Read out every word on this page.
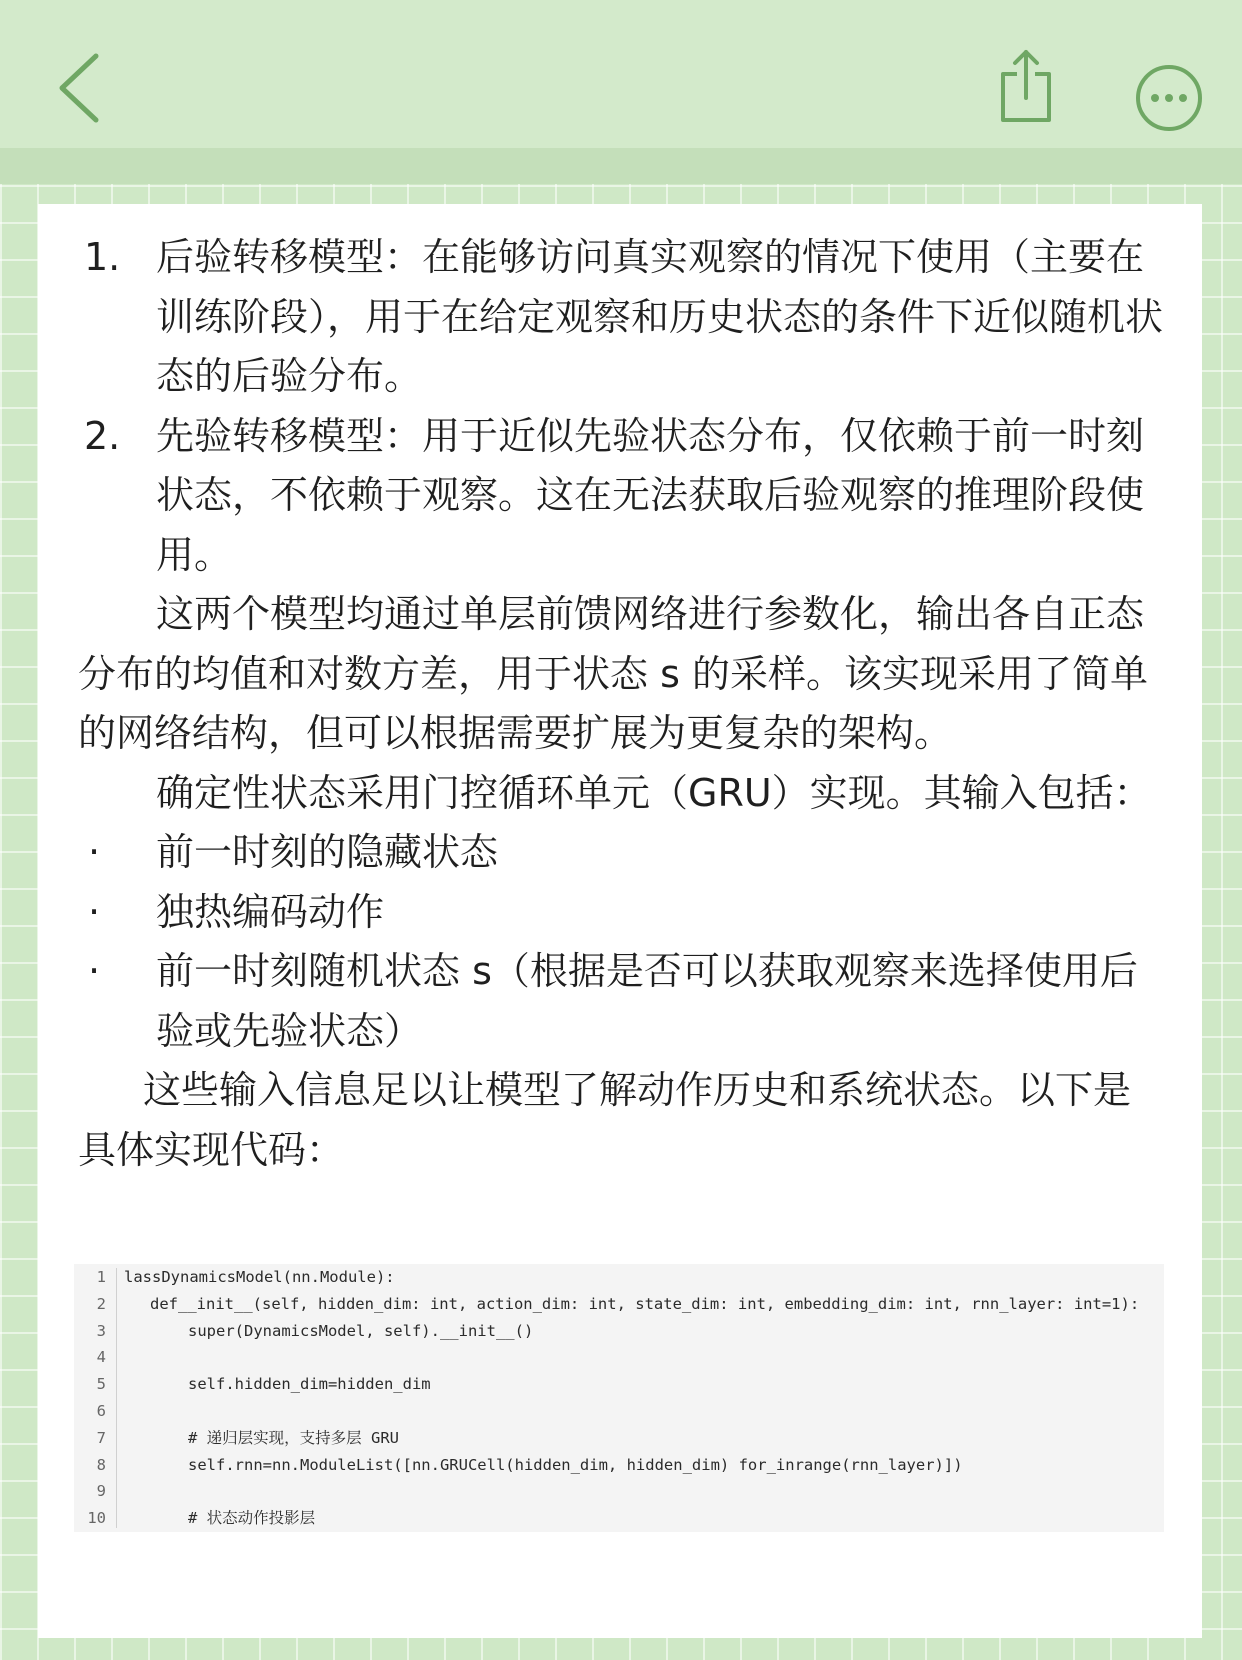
1. 后验转移模型：在能够访问真实观察的情况下使用（主要在训练阶段），用于在给定观察和历史状态的条件下近似随机状态的后验分布。

2. 先验转移模型：用于近似先验状态分布，仅依赖于前一时刻状态，不依赖于观察。这在无法获取后验观察的推理阶段使用。

这两个模型均通过单层前馈网络进行参数化，输出各自正态分布的均值和对数方差，用于状态 s 的采样。该实现采用了简单的网络结构，但可以根据需要扩展为更复杂的架构。

确定性状态采用门控循环单元（GRU）实现。其输入包括：

· 前一时刻的隐藏状态

· 独热编码动作

· 前一时刻随机状态 s（根据是否可以获取观察来选择使用后验或先验状态）

这些输入信息足以让模型了解动作历史和系统状态。以下是具体实现代码：

1 lassDynamicsModel(nn.Module):
2	def__init__(self, hidden_dim: int, action_dim: int, state_dim: int, embedding_dim: int, rnn_layer: int=1):
3	super(DynamicsModel, self).__init__()
4
5	self.hidden_dim=hidden_dim
6
7	# 递归层实现，支持多层 GRU
8	self.rnn=nn.ModuleList([nn.GRUCell(hidden_dim, hidden_dim) for_inrange(rnn_layer)])
9
10	# 状态动作投影层
